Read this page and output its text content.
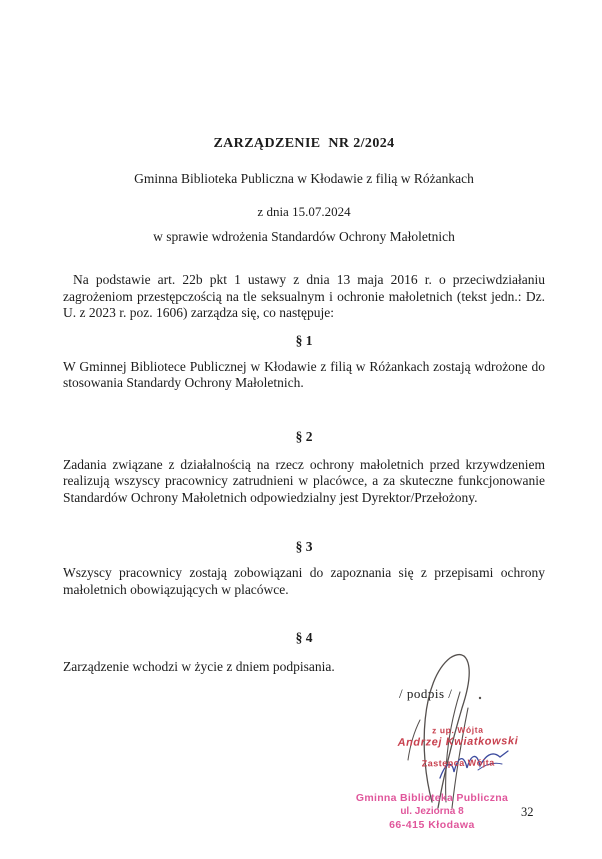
ZARZĄDZENIE  NR 2/2024
Gminna Biblioteka Publiczna w Kłodawie z filią w Różankach
z dnia 15.07.2024
w sprawie wdrożenia Standardów Ochrony Małoletnich

Na podstawie art. 22b pkt 1 ustawy z dnia 13 maja 2016 r. o przeciwdziałaniu zagrożeniom przestępczością na tle seksualnym i ochronie małoletnich (tekst jedn.: Dz. U. z 2023 r. poz. 1606) zarządza się, co następuje:

§ 1

W Gminnej Bibliotece Publicznej w Kłodawie z filią w Różankach zostają wdrożone do stosowania Standardy Ochrony Małoletnich.

§ 2

Zadania związane z działalnością na rzecz ochrony małoletnich przed krzywdzeniem realizują wszyscy pracownicy zatrudnieni w placówce, a za skuteczne funkcjonowanie Standardów Ochrony Małoletnich odpowiedzialny jest Dyrektor/Przełożony.

§ 3

Wszyscy pracownicy zostają zobowiązani do zapoznania się z przepisami ochrony małoletnich obowiązujących w placówce.

§ 4

Zarządzenie wchodzi w życie z dniem podpisania.

/ podpis /
z up. Wójta
Andrzej Kwiatkowski
Zastępca Wójta
Gminna Biblioteka Publiczna
ul. Jeziorna 8
66-415 Kłodawa
32
